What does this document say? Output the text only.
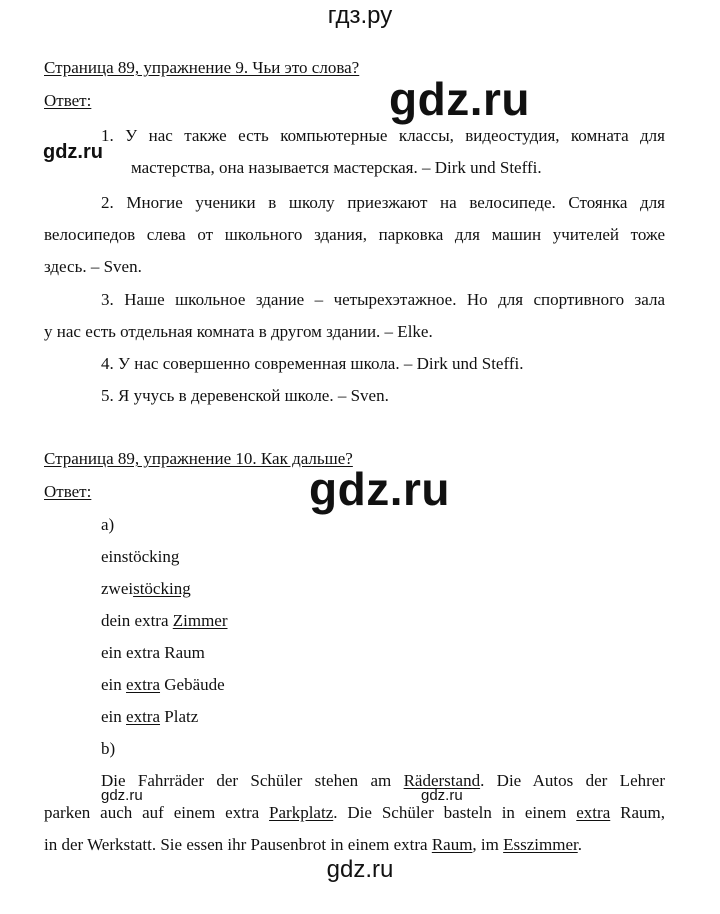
гдз.ру
Страница 89, упражнение 9. Чьи это слова?
Ответ:	gdz.ru
1. У нас также есть компьютерные классы, видеостудия, комната для
gdz.ru
мастерства, она называется мастерская. – Dirk und Steffi.
2. Многие ученики в школу приезжают на велосипеде. Стоянка для
велосипедов слева от школьного здания, парковка для машин учителей тоже
здесь. – Sven.
3. Наше школьное здание – четырехэтажное. Но для спортивного зала
у нас есть отдельная комната в другом здании. – Elke.
4. У нас совершенно современная школа. – Dirk und Steffi.
5. Я учусь в деревенской школе. – Sven.
Страница 89, упражнение 10. Как дальше?
Ответ:	gdz.ru
a)
einstöcking
zweistöcking
dein extra Zimmer
ein extra Raum
ein extra Gebäude
ein extra Platz
b)
Die Fahrräder der Schüler stehen am Räderstand. Die Autos der Lehrer
gdz.ru	gdz.ru
parken auch auf einem extra Parkplatz. Die Schüler basteln in einem extra Raum,
in der Werkstatt. Sie essen ihr Pausenbrot in einem extra Raum, im Esszimmer.
gdz.ru
